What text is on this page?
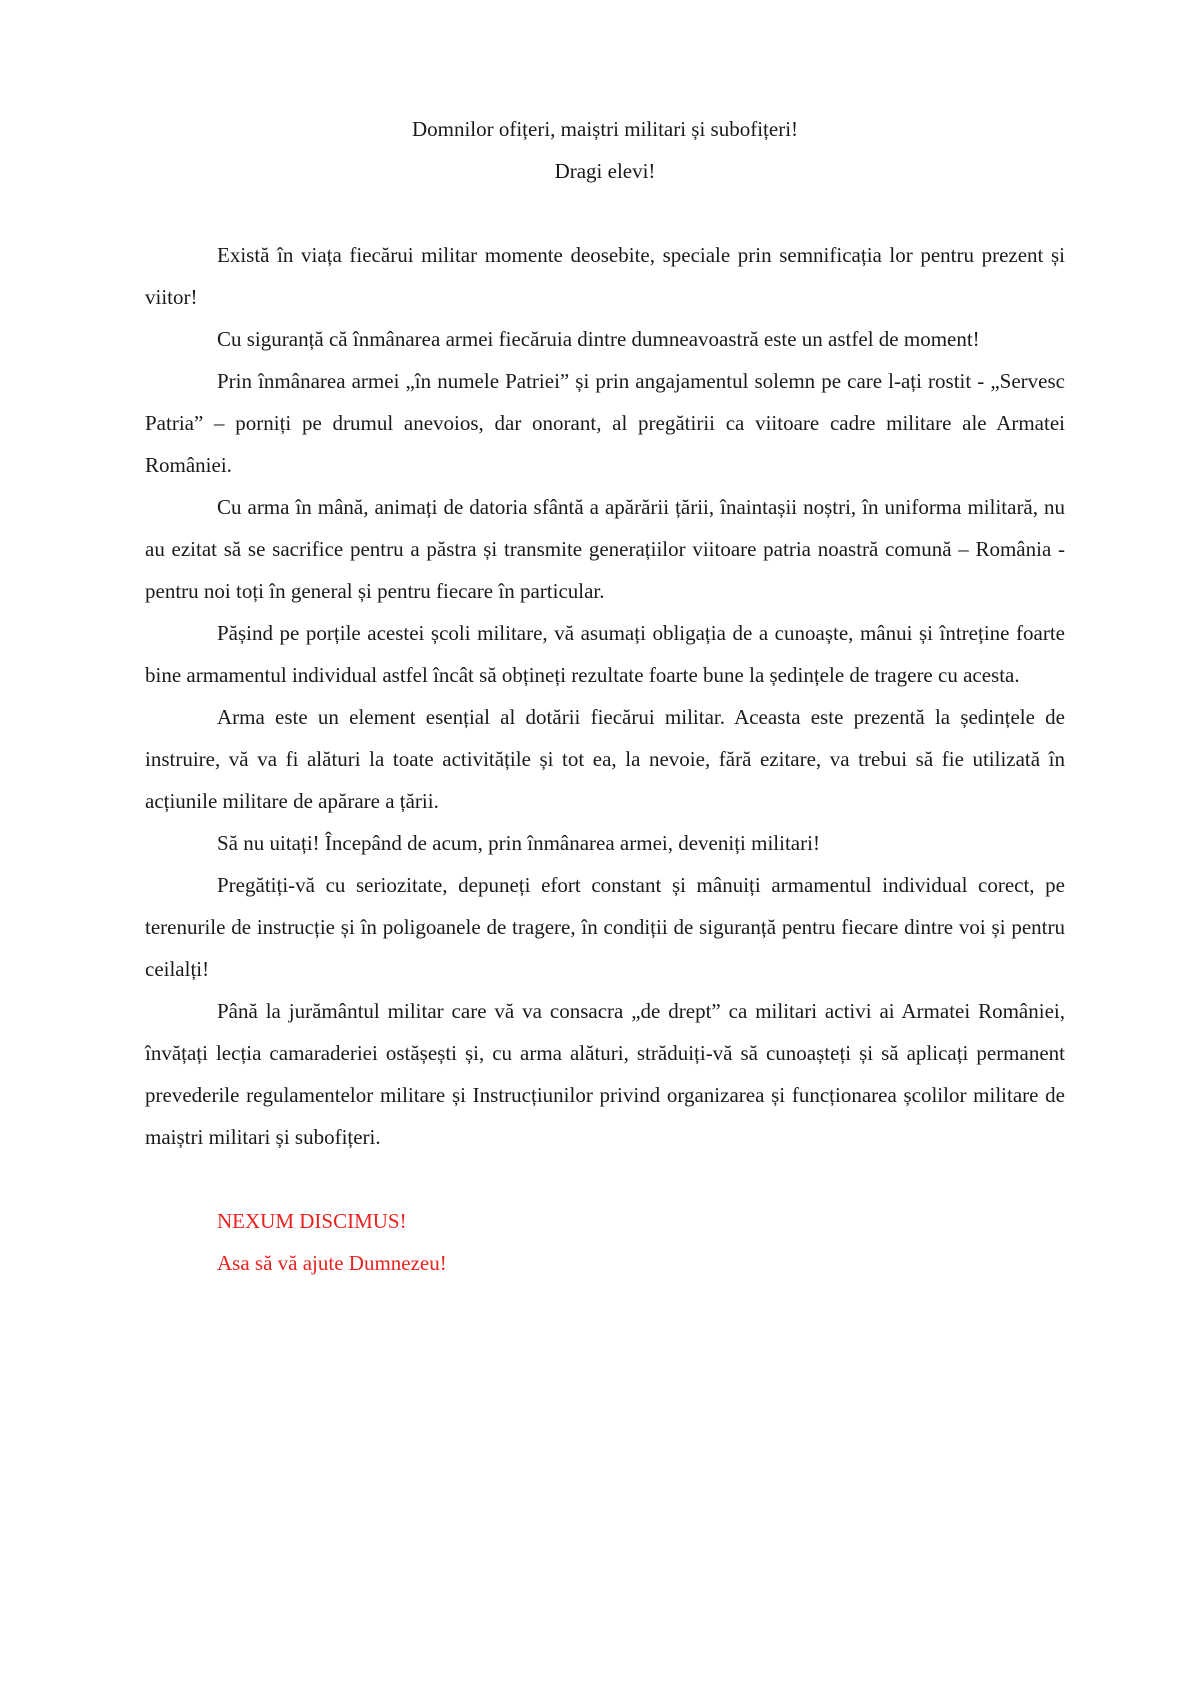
Domnilor ofițeri, maiștri militari și subofițeri!

Dragi elevi!

Există în viața fiecărui militar momente deosebite, speciale prin semnificația lor pentru prezent și viitor!

Cu siguranță că înmânarea armei fiecăruia dintre dumneavoastră este un astfel de moment!

Prin înmânarea armei „în numele Patriei” și prin angajamentul solemn pe care l-ați rostit - „Servesc Patria” – porniți pe drumul anevoios, dar onorant, al pregătirii ca viitoare cadre militare ale Armatei României.

Cu arma în mână, animați de datoria sfântă a apărării țării, înaintașii noștri, în uniforma militară, nu au ezitat să se sacrifice pentru a păstra și transmite generațiilor viitoare patria noastră comună – România - pentru noi toți în general și pentru fiecare în particular.

Pășind pe porțile acestei școli militare, vă asumați obligația de a cunoaște, mânui și întreține foarte bine armamentul individual astfel încât să obțineți rezultate foarte bune la ședințele de tragere cu acesta.

Arma este un element esențial al dotării fiecărui militar. Aceasta este prezentă la ședințele de instruire, vă va fi alături la toate activitățile și tot ea, la nevoie, fără ezitare, va trebui să fie utilizată în acțiunile militare de apărare a țării.

Să nu uitați! Începând de acum, prin înmânarea armei, deveniți militari!

Pregătiți-vă cu seriozitate, depuneți efort constant și mânuiți armamentul individual corect, pe terenurile de instrucție și în poligoanele de tragere, în condiții de siguranță pentru fiecare dintre voi și pentru ceilalți!

Până la jurământul militar care vă va consacra „de drept” ca militari activi ai Armatei României, învățați lecția camaraderiei ostășești și, cu arma alături, străduiți-vă să cunoașteți și să aplicați permanent prevederile regulamentelor militare și Instrucțiunilor privind organizarea și funcționarea școlilor militare de maiștri militari și subofițeri.

NEXUM DISCIMUS!

Asa să vă ajute Dumnezeu!
